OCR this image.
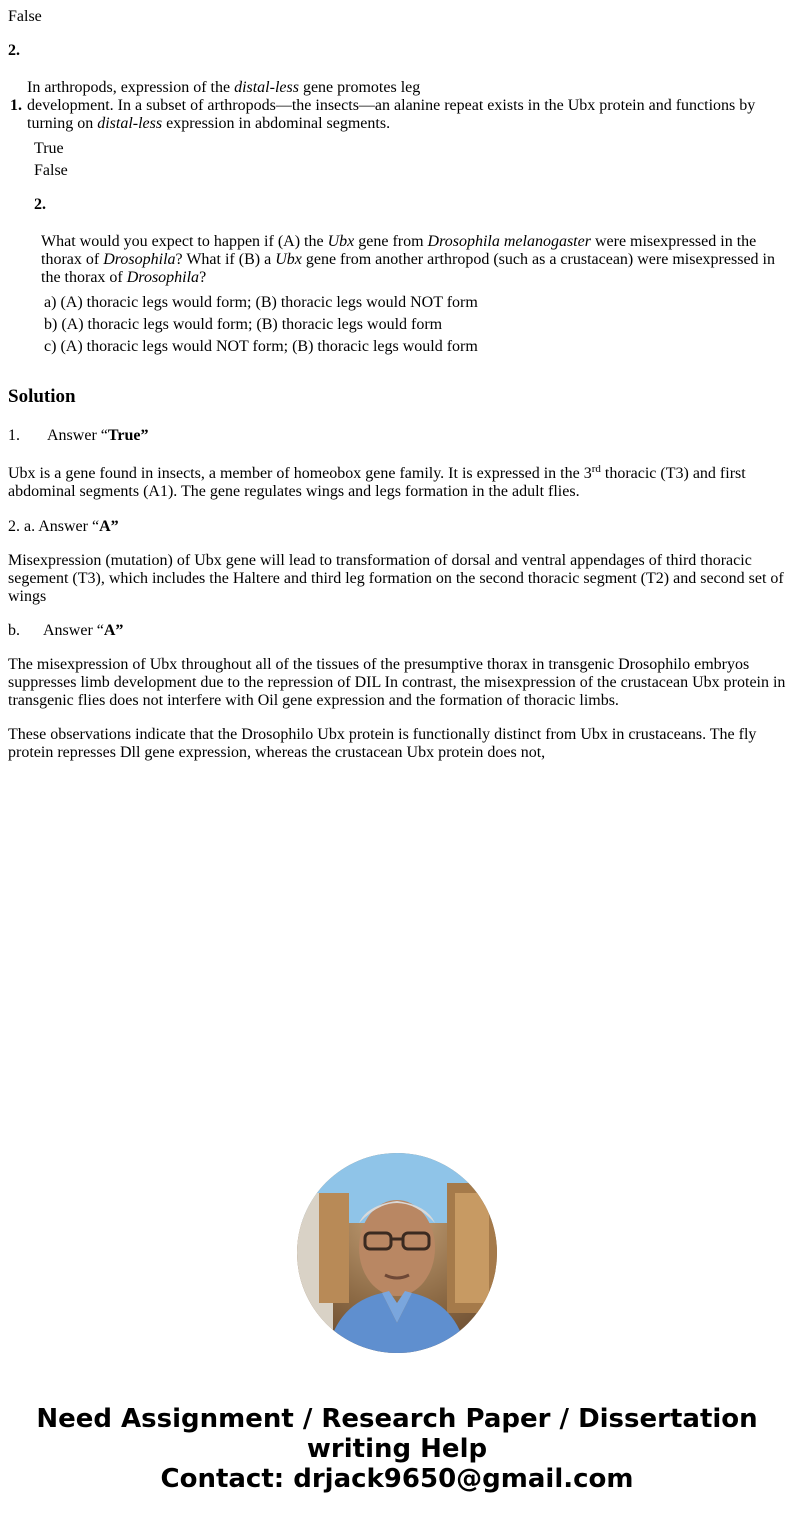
False

2.

1.

In arthropods, expression of the distal-less gene promotes leg
development. In a subset of arthropods—the insects—an alanine repeat exists in the Ubx protein and functions by
turning on distal-less expression in abdominal segments.

True

False

2.

What would you expect to happen if (A) the Ubx gene from Drosophila melanogaster were misexpressed in the
thorax of Drosophila? What if (B) a Ubx gene from another arthropod (such as a crustacean) were misexpressed in
the thorax of Drosophila?

a) (A) thoracic legs would form; (B) thoracic legs would NOT form

b) (A) thoracic legs would form; (B) thoracic legs would form

c) (A) thoracic legs would NOT form; (B) thoracic legs would form

Solution

1. Answer “True”

Ubx is a gene found in insects, a member of homeobox gene family. It is expressed in the 3rd thoracic (T3) and first
abdominal segments (A1). The gene regulates wings and legs formation in the adult flies.

2. a. Answer “A”

Misexpression (mutation) of Ubx gene will lead to transformation of dorsal and ventral appendages of third thoracic
segement (T3), which includes the Haltere and third leg formation on the second thoracic segment (T2) and second set of
wings

b. Answer “A”

The misexpression of Ubx throughout all of the tissues of the presumptive thorax in transgenic Drosophilo embryos
suppresses limb development due to the repression of DIL In contrast, the misexpression of the crustacean Ubx protein in
transgenic flies does not interfere with Oil gene expression and the formation of thoracic limbs.
These observations indicate that the Drosophilo Ubx protein is functionally distinct from Ubx in crustaceans. The fly
protein represses Dll gene expression, whereas the crustacean Ubx protein does not,
Need Assignment / Research Paper / Dissertation
writing Help
Contact: drjack9650@gmail.com
